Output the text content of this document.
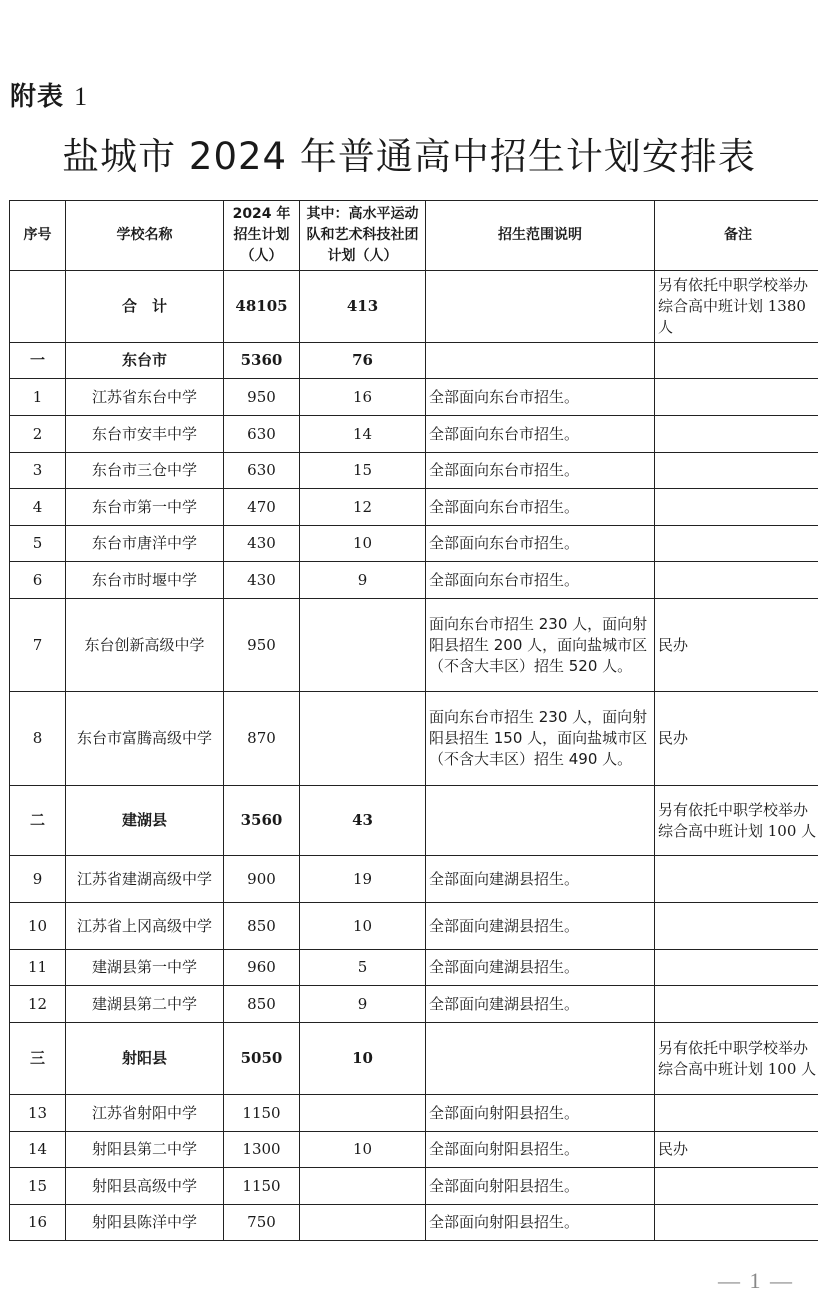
附表 1
盐城市 2024 年普通高中招生计划安排表
序号	学校名称	2024 年招生计划（人）	其中：高水平运动队和艺术科技社团计划（人）	招生范围说明	备注
	合　计	48105	413		另有依托中职学校举办综合高中班计划 1380 人
一	东台市	5360	76		
1	江苏省东台中学	950	16	全部面向东台市招生。	
2	东台市安丰中学	630	14	全部面向东台市招生。	
3	东台市三仓中学	630	15	全部面向东台市招生。	
4	东台市第一中学	470	12	全部面向东台市招生。	
5	东台市唐洋中学	430	10	全部面向东台市招生。	
6	东台市时堰中学	430	9	全部面向东台市招生。	
7	东台创新高级中学	950		面向东台市招生 230 人，面向射阳县招生 200 人，面向盐城市区（不含大丰区）招生 520 人。	民办
8	东台市富腾高级中学	870		面向东台市招生 230 人，面向射阳县招生 150 人，面向盐城市区（不含大丰区）招生 490 人。	民办
二	建湖县	3560	43		另有依托中职学校举办综合高中班计划 100 人
9	江苏省建湖高级中学	900	19	全部面向建湖县招生。	
10	江苏省上冈高级中学	850	10	全部面向建湖县招生。	
11	建湖县第一中学	960	5	全部面向建湖县招生。	
12	建湖县第二中学	850	9	全部面向建湖县招生。	
三	射阳县	5050	10		另有依托中职学校举办综合高中班计划 100 人
13	江苏省射阳中学	1150		全部面向射阳县招生。	
14	射阳县第二中学	1300	10	全部面向射阳县招生。	民办
15	射阳县高级中学	1150		全部面向射阳县招生。	
16	射阳县陈洋中学	750		全部面向射阳县招生。	
— 1 —
